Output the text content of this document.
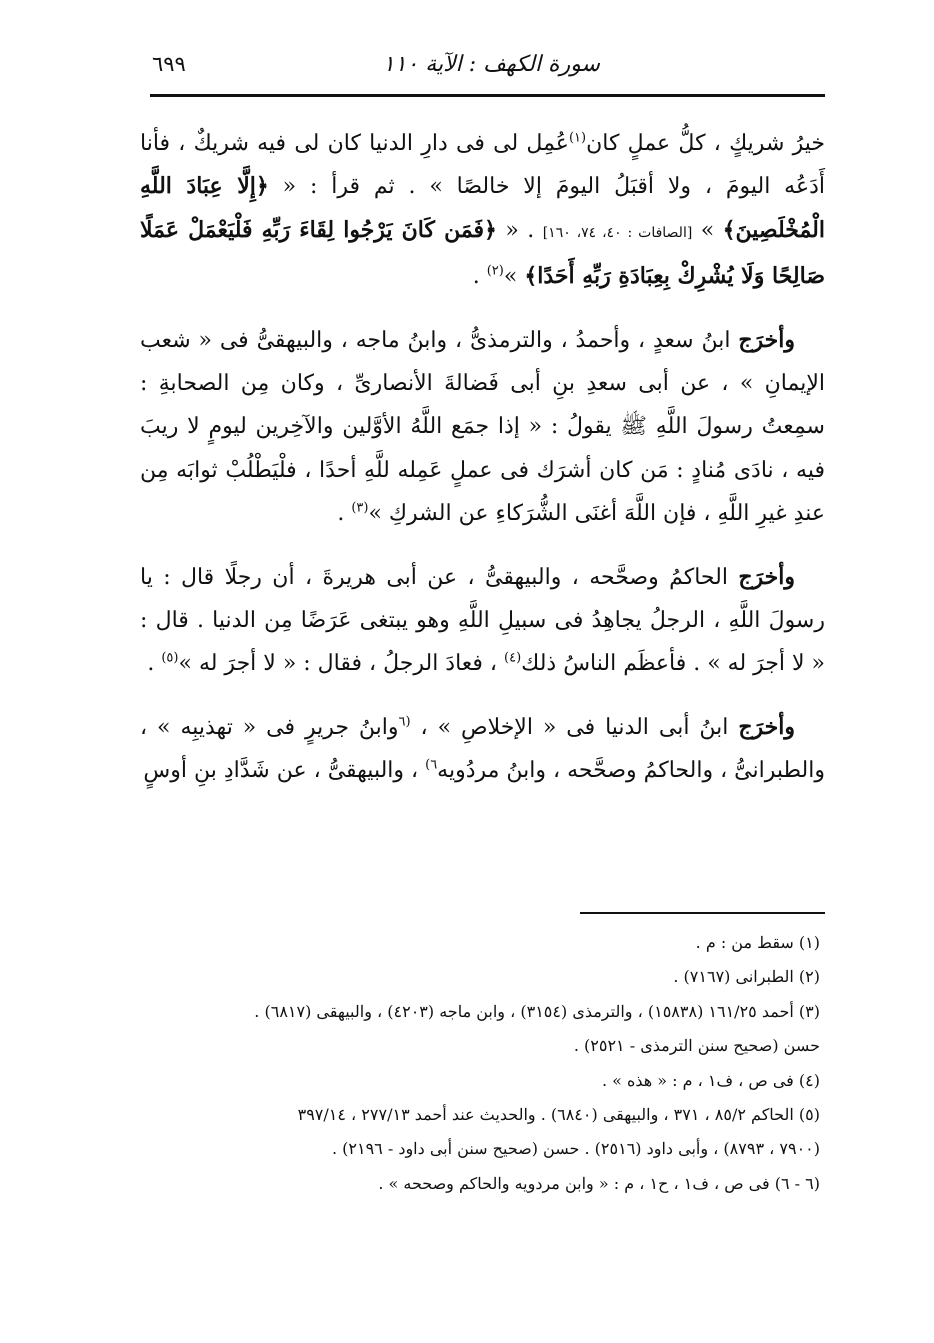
سورة الكهف : الآية ١١٠
٦٩٩

خيرُ شريكٍ ، كلُّ عملٍ كان$^{(١)}$عُمِل لى فى دارِ الدنيا كان لى فيه شريكٌ ، فأنا أَدَعُه اليومَ ، ولا أقبَلُ اليومَ إلا خالصًا » . ثم قرأ : « ﴿إِلَّا عِبَادَ اللَّهِ الْمُخْلَصِينَ﴾ » [الصافات : ٤٠، ٧٤، ١٦٠] . « ﴿فَمَن كَانَ يَرْجُوا لِقَاءَ رَبِّهِ فَلْيَعْمَلْ عَمَلًا صَالِحًا وَلَا يُشْرِكْ بِعِبَادَةِ رَبِّهِ أَحَدًا﴾ »$^{(٢)}$ .

وأخرَج ابنُ سعدٍ ، وأحمدُ ، والترمذىُّ ، وابنُ ماجه ، والبيهقىُّ فى « شعب الإيمانِ » ، عن أبى سعدِ بنِ أبى فَضالةَ الأنصارىِّ ، وكان مِن الصحابةِ : سمِعتُ رسولَ اللَّهِ ﷺ يقولُ : « إذا جمَع اللَّهُ الأوَّلين والآخِرين ليومٍ لا ريبَ فيه ، نادَى مُنادٍ : مَن كان أشرَك فى عملٍ عَمِله للَّهِ أحدًا ، فلْيَطْلُبْ ثوابَه مِن عندِ غيرِ اللَّهِ ، فإن اللَّهَ أغنَى الشُّرَكاءِ عن الشركِ »$^{(٣)}$ .

وأخرَج الحاكمُ وصحَّحه ، والبيهقىُّ ، عن أبى هريرةَ ، أن رجلًا قال : يا رسولَ اللَّهِ ، الرجلُ يجاهِدُ فى سبيلِ اللَّهِ وهو يبتغى عَرَضًا مِن الدنيا . قال : « لا أجرَ له » . فأعظَم الناسُ ذلك$^{(٤)}$ ، فعادَ الرجلُ ، فقال : « لا أجرَ له »$^{(٥)}$ .

وأخرَج ابنُ أبى الدنيا فى « الإخلاصِ » ، $^{(٦}$وابنُ جريرٍ فى « تهذيبِه » ، والطبرانىُّ ، والحاكمُ وصحَّحه ، وابنُ مردُويه$^{٦)}$ ، والبيهقىُّ ، عن شَدَّادِ بنِ أوسٍ

(١) سقط من : م .

(٢) الطبرانى (٧١٦٧) .

(٣) أحمد ١٦١/٢٥ (١٥٨٣٨) ، والترمذى (٣١٥٤) ، وابن ماجه (٤٢٠٣) ، والبيهقى (٦٨١٧) .

حسن (صحيح سنن الترمذى - ٢٥٢١) .

(٤) فى ص ، ف١ ، م : « هذه » .

(٥) الحاكم ٨٥/٢ ، ٣٧١ ، والبيهقى (٦٨٤٠) . والحديث عند أحمد ٢٧٧/١٣ ، ٣٩٧/١٤

(٧٩٠٠ ، ٨٧٩٣) ، وأبى داود (٢٥١٦) . حسن (صحيح سنن أبى داود - ٢١٩٦) .

(٦ - ٦) فى ص ، ف١ ، ح١ ، م : « وابن مردويه والحاكم وصححه » .
